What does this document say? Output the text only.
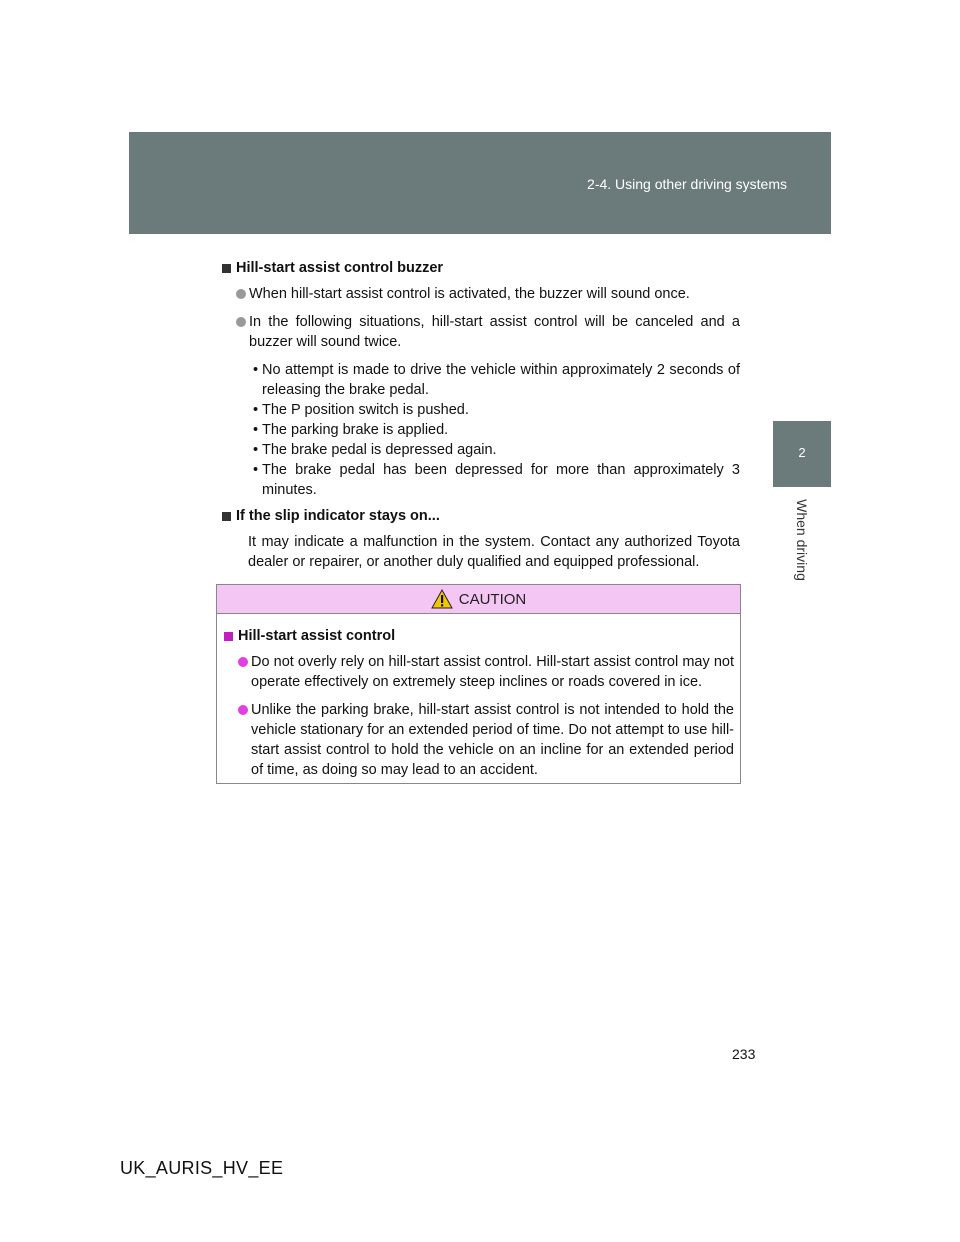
2-4. Using other driving systems
2
When driving
Hill-start assist control buzzer
When hill-start assist control is activated, the buzzer will sound once.
In the following situations, hill-start assist control will be canceled and a buzzer will sound twice.
• No attempt is made to drive the vehicle within approximately 2 seconds of releasing the brake pedal.
• The P position switch is pushed.
• The parking brake is applied.
• The brake pedal is depressed again.
• The brake pedal has been depressed for more than approximately 3 minutes.
If the slip indicator stays on...
It may indicate a malfunction in the system. Contact any authorized Toyota dealer or repairer, or another duly qualified and equipped professional.
CAUTION
Hill-start assist control
Do not overly rely on hill-start assist control. Hill-start assist control may not operate effectively on extremely steep inclines or roads covered in ice.
Unlike the parking brake, hill-start assist control is not intended to hold the vehicle stationary for an extended period of time. Do not attempt to use hill-start assist control to hold the vehicle on an incline for an extended period of time, as doing so may lead to an accident.
233
UK_AURIS_HV_EE
